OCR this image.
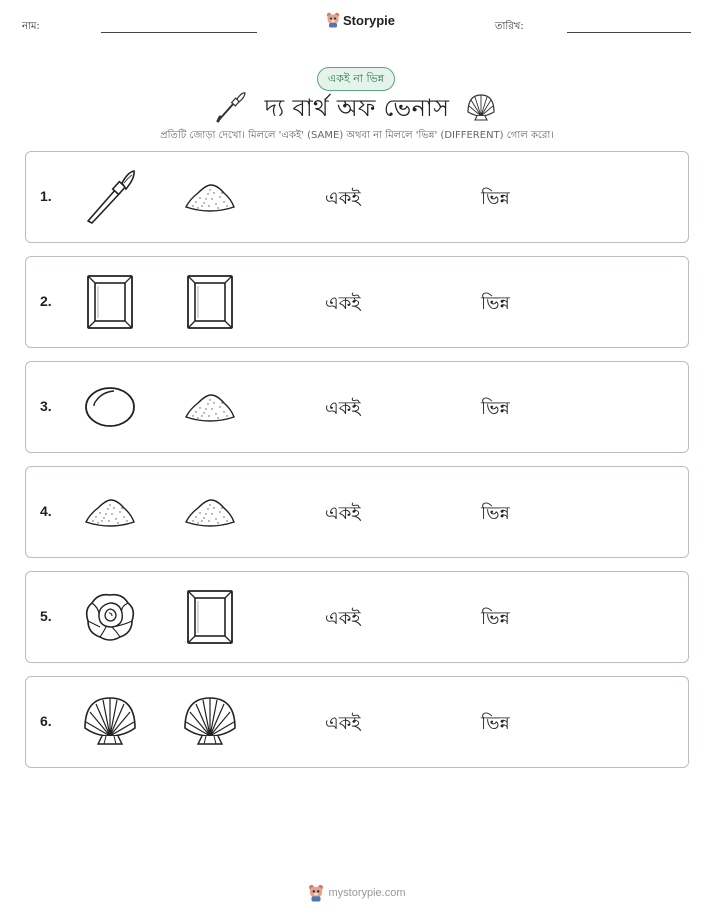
নাম:	Storypie	তারিখ:
একই না ভিন্ন
দ্য বার্থ অফ ভেনাস
প্রতিটি জোড়া দেখো। মিললে 'একই' (SAME) অথবা না মিললে 'ভিন্ন' (DIFFERENT) গোল করো।
1.	একই	ভিন্ন
2.	একই	ভিন্ন
3.	একই	ভিন্ন
4.	একই	ভিন্ন
5.	একই	ভিন্ন
6.	একই	ভিন্ন
mystorypie.com
